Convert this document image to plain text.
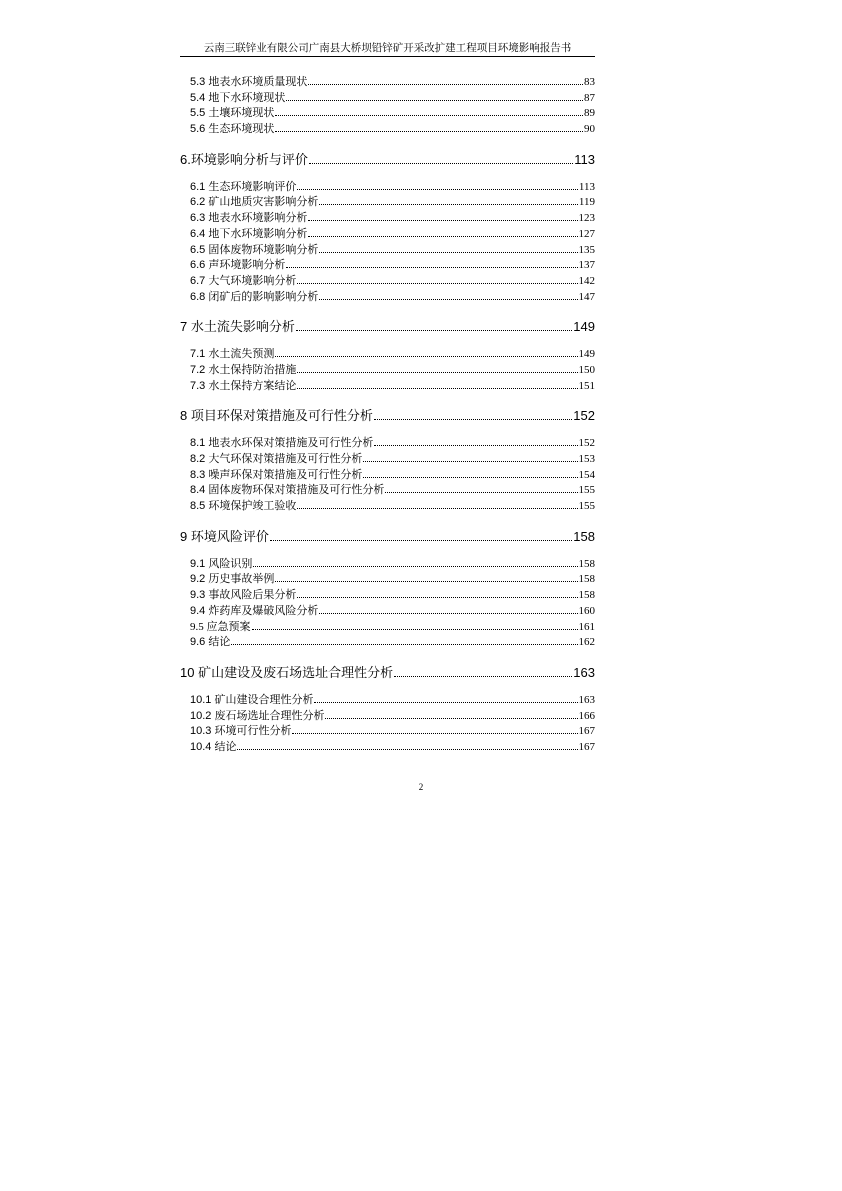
云南三联锌业有限公司广南县大桥坝铅锌矿开采改扩建工程项目环境影响报告书
5.3 地表水环境质量现状	83
5.4 地下水环境现状	87
5.5 土壤环境现状	89
5.6 生态环境现状	90
6.环境影响分析与评价	113
6.1 生态环境影响评价	113
6.2 矿山地质灾害影响分析	119
6.3 地表水环境影响分析	123
6.4 地下水环境影响分析	127
6.5 固体废物环境影响分析	135
6.6 声环境影响分析	137
6.7 大气环境影响分析	142
6.8 闭矿后的影响影响分析	147
7 水土流失影响分析	149
7.1 水土流失预测	149
7.2 水土保持防治措施	150
7.3 水土保持方案结论	151
8 项目环保对策措施及可行性分析	152
8.1 地表水环保对策措施及可行性分析	152
8.2 大气环保对策措施及可行性分析	153
8.3 噪声环保对策措施及可行性分析	154
8.4 固体废物环保对策措施及可行性分析	155
8.5 环境保护竣工验收	155
9 环境风险评价	158
9.1 风险识别	158
9.2 历史事故举例	158
9.3 事故风险后果分析	158
9.4 炸药库及爆破风险分析	160
9.5 应急预案	161
9.6 结论	162
10 矿山建设及废石场选址合理性分析	163
10.1 矿山建设合理性分析	163
10.2 废石场选址合理性分析	166
10.3 环境可行性分析	167
10.4 结论	167
2
